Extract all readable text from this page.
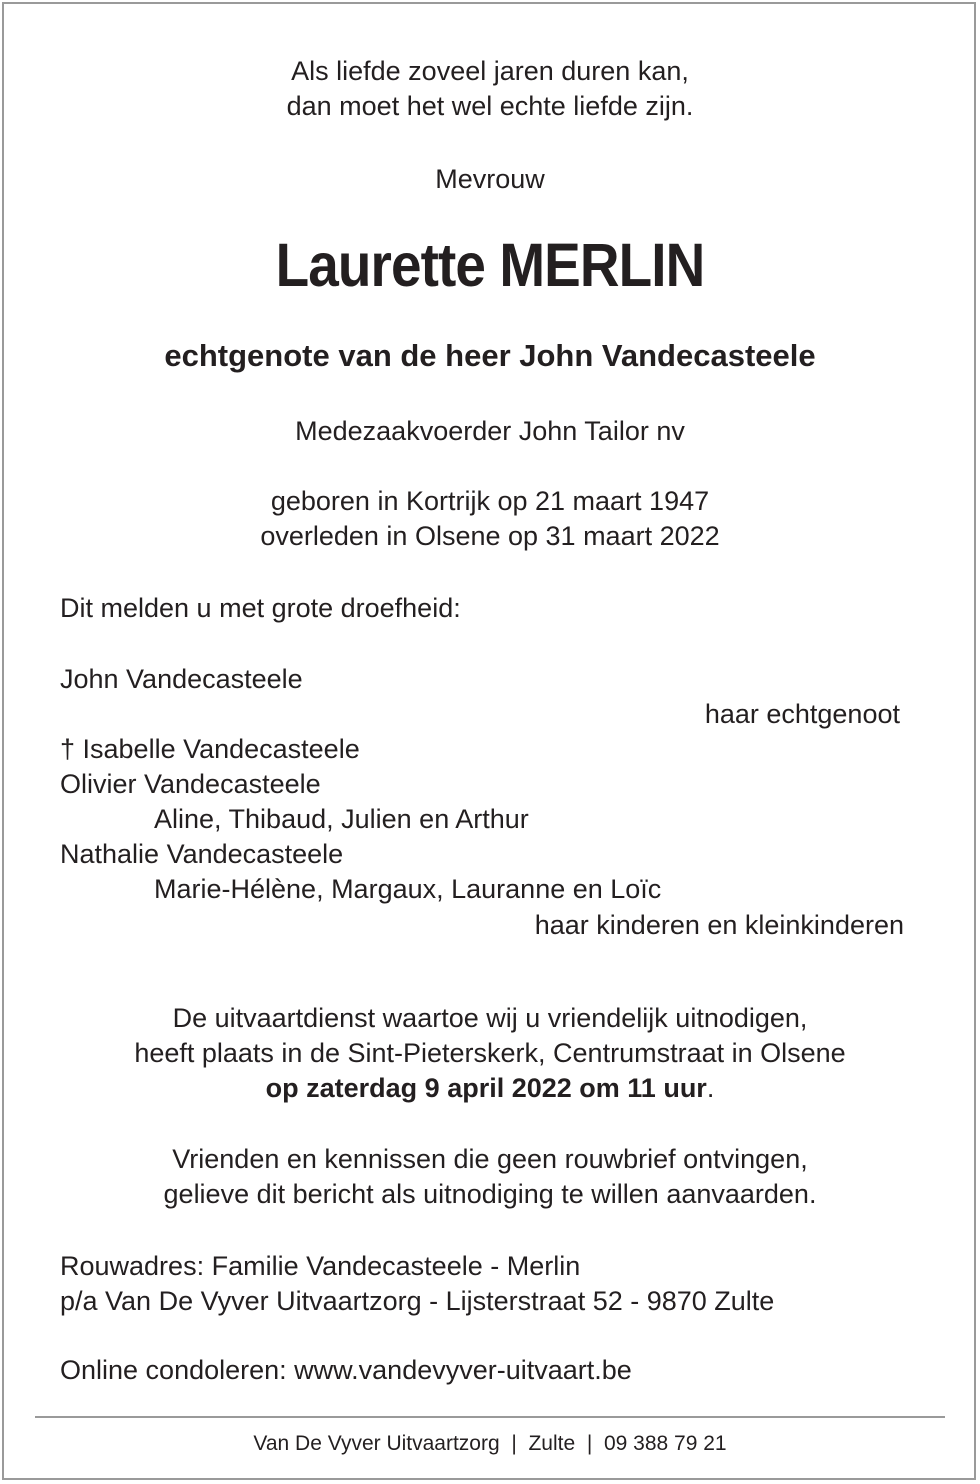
Als liefde zoveel jaren duren kan,
dan moet het wel echte liefde zijn.
Mevrouw
Laurette MERLIN
echtgenote van de heer John Vandecasteele
Medezaakvoerder John Tailor nv
geboren in Kortrijk op 21 maart 1947
overleden in Olsene op 31 maart 2022
Dit melden u met grote droefheid:
John Vandecasteele
haar echtgenoot
† Isabelle Vandecasteele
Olivier Vandecasteele
Aline, Thibaud, Julien en Arthur
Nathalie Vandecasteele
Marie-Hélène, Margaux, Lauranne en Loïc
haar kinderen en kleinkinderen
De uitvaartdienst waartoe wij u vriendelijk uitnodigen,
heeft plaats in de Sint-Pieterskerk, Centrumstraat in Olsene
op zaterdag 9 april 2022 om 11 uur.
Vrienden en kennissen die geen rouwbrief ontvingen,
gelieve dit bericht als uitnodiging te willen aanvaarden.
Rouwadres: Familie Vandecasteele - Merlin
p/a Van De Vyver Uitvaartzorg - Lijsterstraat 52 - 9870 Zulte
Online condoleren: www.vandevyver-uitvaart.be
Van De Vyver Uitvaartzorg | Zulte | 09 388 79 21
